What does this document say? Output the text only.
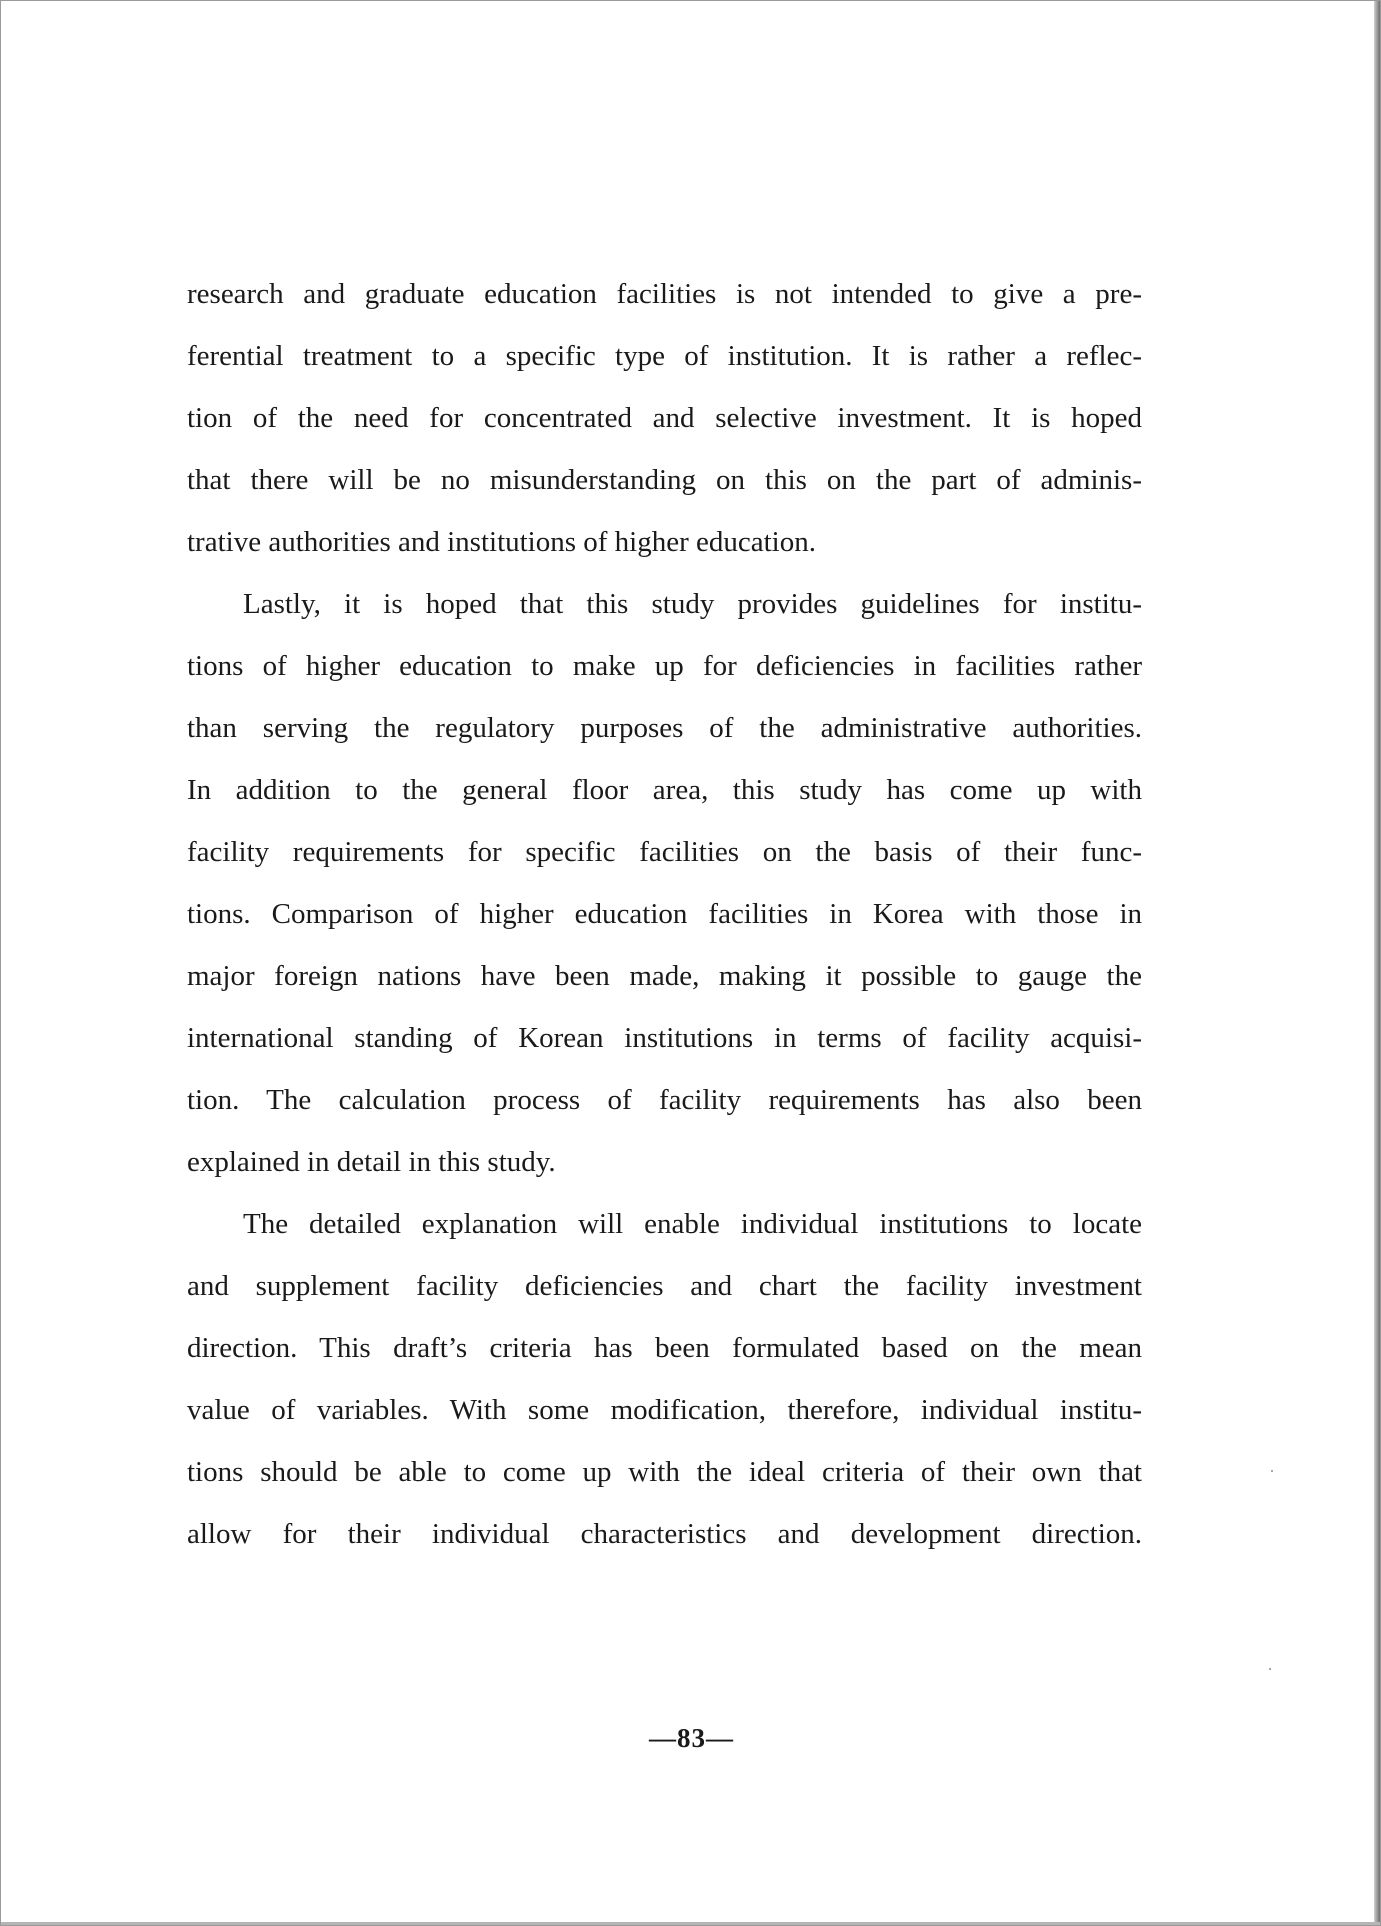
research and graduate education facilities is not intended to give a pre-
ferential treatment to a specific type of institution. It is rather a reflec-
tion of the need for concentrated and selective investment. It is hoped
that there will be no misunderstanding on this on the part of adminis-
trative authorities and institutions of higher education.
Lastly, it is hoped that this study provides guidelines for institu-
tions of higher education to make up for deficiencies in facilities rather
than serving the regulatory purposes of the administrative authorities.
In addition to the general floor area, this study has come up with
facility requirements for specific facilities on the basis of their func-
tions. Comparison of higher education facilities in Korea with those in
major foreign nations have been made, making it possible to gauge the
international standing of Korean institutions in terms of facility acquisi-
tion. The calculation process of facility requirements has also been
explained in detail in this study.
The detailed explanation will enable individual institutions to locate
and supplement facility deficiencies and chart the facility investment
direction. This draft’s criteria has been formulated based on the mean
value of variables. With some modification, therefore, individual institu-
tions should be able to come up with the ideal criteria of their own that
allow for their individual characteristics and development direction.
—83—
